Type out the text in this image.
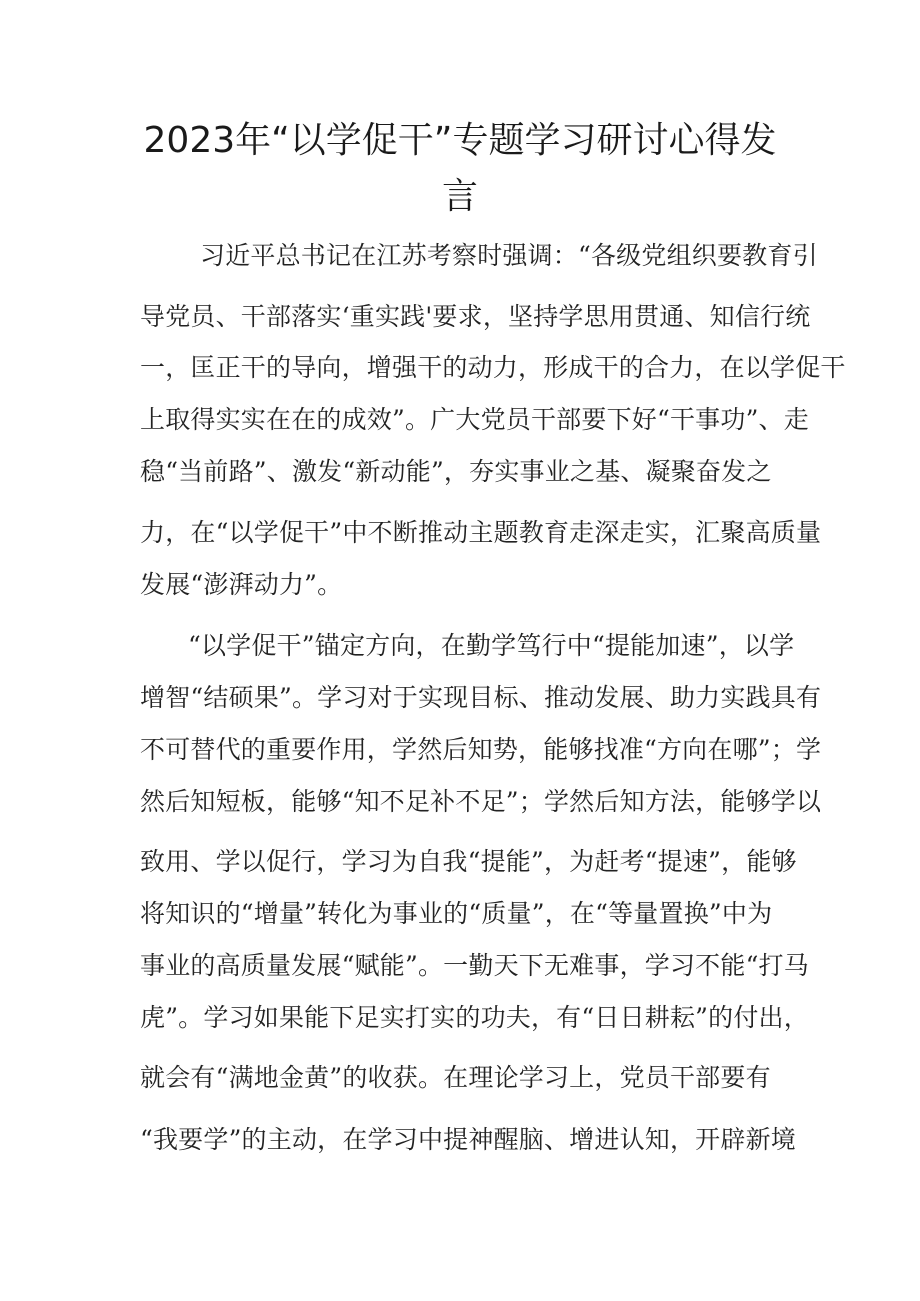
2023年“以学促干”专题学习研讨心得发
言
习近平总书记在江苏考察时强调：“各级党组织要教育引
导党员、干部落实‘重实践'要求，坚持学思用贯通、知信行统
一，匡正干的导向，增强干的动力，形成干的合力，在以学促干
上取得实实在在的成效”。广大党员干部要下好“干事功”、走
稳“当前路”、激发“新动能”，夯实事业之基、凝聚奋发之
力，在“以学促干”中不断推动主题教育走深走实，汇聚高质量
发展“澎湃动力”。
“以学促干”锚定方向，在勤学笃行中“提能加速”，以学
增智“结硕果”。学习对于实现目标、推动发展、助力实践具有
不可替代的重要作用，学然后知势，能够找准“方向在哪”；学
然后知短板，能够“知不足补不足”；学然后知方法，能够学以
致用、学以促行，学习为自我“提能”，为赶考“提速”，能够
将知识的“增量”转化为事业的“质量”，在“等量置换”中为
事业的高质量发展“赋能”。一勤天下无难事，学习不能“打马
虎”。学习如果能下足实打实的功夫，有“日日耕耘”的付出，
就会有“满地金黄”的收获。在理论学习上，党员干部要有
“我要学”的主动，在学习中提神醒脑、增进认知，开辟新境
